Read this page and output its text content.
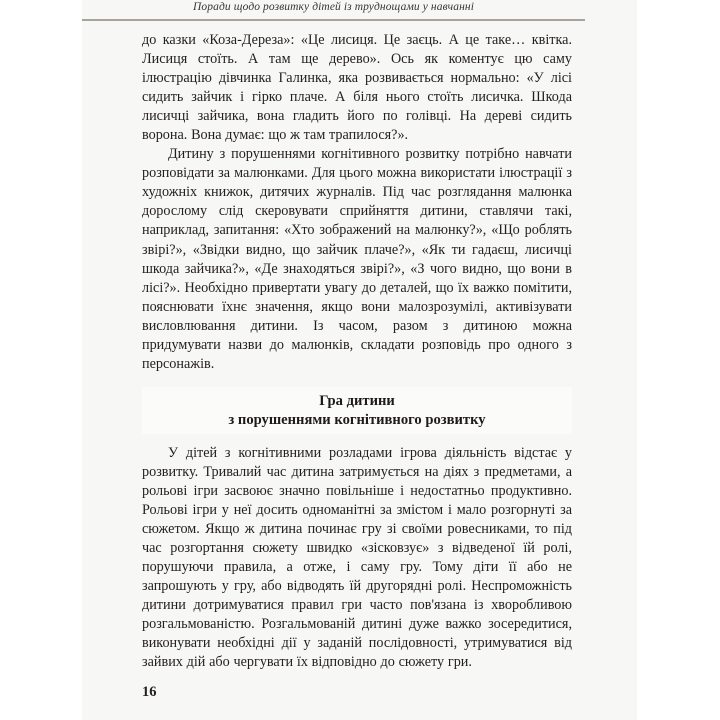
Поради щодо розвитку дітей із труднощами у навчанні

до казки «Коза-Дереза»: «Це лисиця. Це заєць. А це таке… квітка. Лисиця стоїть. А там ще дерево». Ось як коментує цю саму ілюстрацію дівчинка Галинка, яка розвивається нормально: «У лісі сидить зайчик і гірко плаче. А біля нього стоїть лисичка. Шкода лисичці зайчика, вона гладить його по голівці. На дереві сидить ворона. Вона думає: що ж там трапилося?».

Дитину з порушеннями когнітивного розвитку потрібно навчати розповідати за малюнками. Для цього можна використати ілюстрації з художніх книжок, дитячих журналів. Під час розглядання малюнка дорослому слід скеровувати сприйняття дитини, ставлячи такі, наприклад, запитання: «Хто зображений на малюнку?», «Що роблять звірі?», «Звідки видно, що зайчик плаче?», «Як ти гадаєш, лисичці шкода зайчика?», «Де знаходяться звірі?», «З чого видно, що вони в лісі?». Необхідно привертати увагу до деталей, що їх важко помітити, пояснювати їхнє значення, якщо вони малозрозумілі, активізувати висловлювання дитини. Із часом, разом з дитиною можна придумувати назви до малюнків, складати розповідь про одного з персонажів.

Гра дитини
з порушеннями когнітивного розвитку

У дітей з когнітивними розладами ігрова діяльність відстає у розвитку. Тривалий час дитина затримується на діях з предметами, а рольові ігри засвоює значно повільніше і недостатньо продуктивно. Рольові ігри у неї досить одноманітні за змістом і мало розгорнуті за сюжетом. Якщо ж дитина починає гру зі своїми ровесниками, то під час розгортання сюжету швидко «зісковзує» з відведеної їй ролі, порушуючи правила, а отже, і саму гру. Тому діти її або не запрошують у гру, або відводять їй другорядні ролі. Неспроможність дитини дотримуватися правил гри часто пов'язана із хворобливою розгальмованістю. Розгальмованій дитині дуже важко зосередитися, виконувати необхідні дії у заданій послідовності, утримуватися від зайвих дій або чергувати їх відповідно до сюжету гри.

16
